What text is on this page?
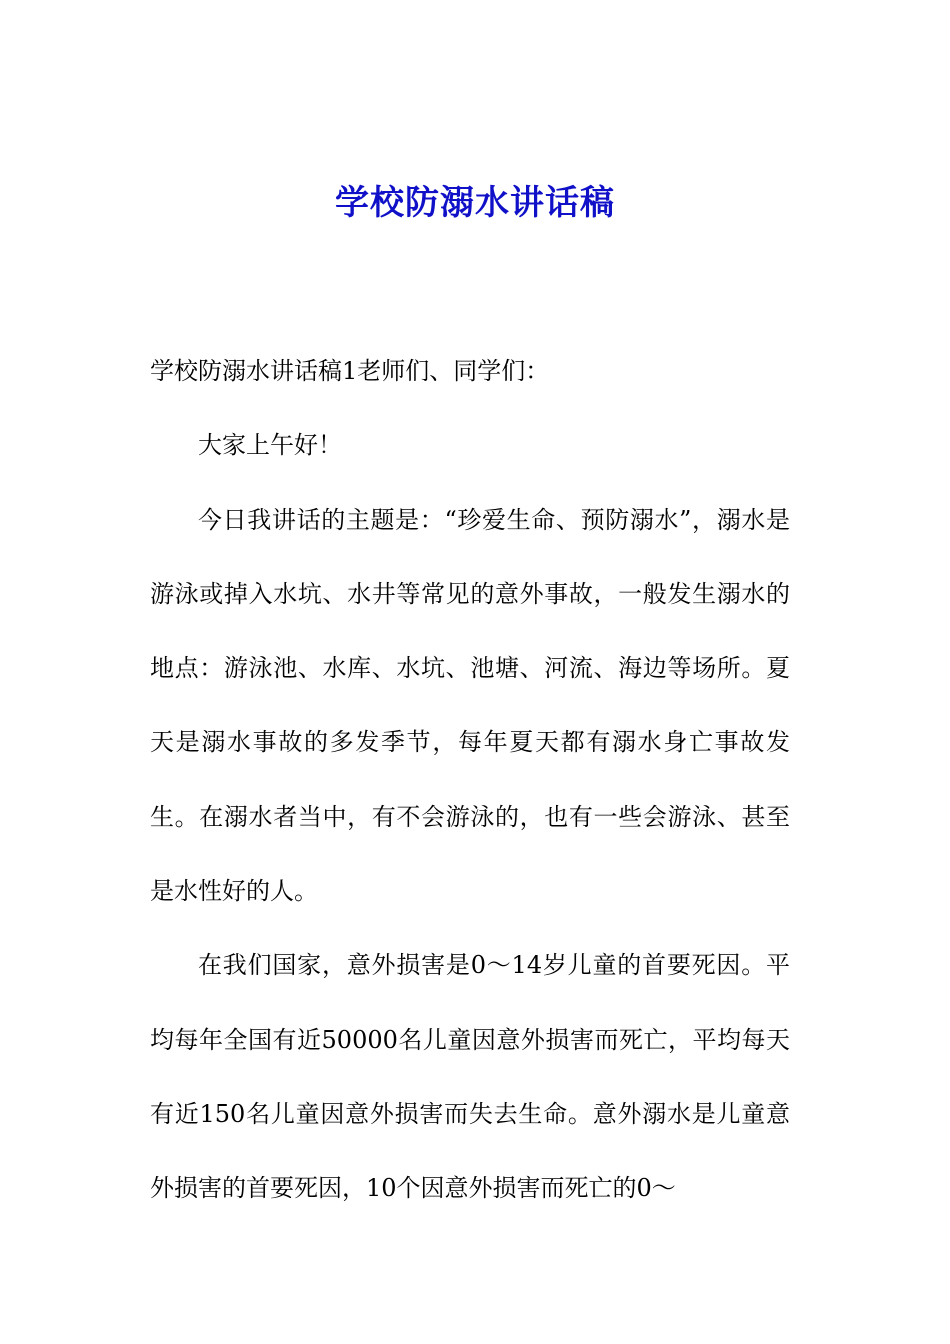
学校防溺水讲话稿

学校防溺水讲话稿1老师们、同学们：

大家上午好！

今日我讲话的主题是：“珍爱生命、预防溺水”，溺水是游泳或掉入水坑、水井等常见的意外事故，一般发生溺水的地点：游泳池、水库、水坑、池塘、河流、海边等场所。夏天是溺水事故的多发季节，每年夏天都有溺水身亡事故发生。在溺水者当中，有不会游泳的，也有一些会游泳、甚至是水性好的人。

在我们国家，意外损害是0～14岁儿童的首要死因。平均每年全国有近50000名儿童因意外损害而死亡，平均每天有近150名儿童因意外损害而失去生命。意外溺水是儿童意外损害的首要死因，10个因意外损害而死亡的0～
